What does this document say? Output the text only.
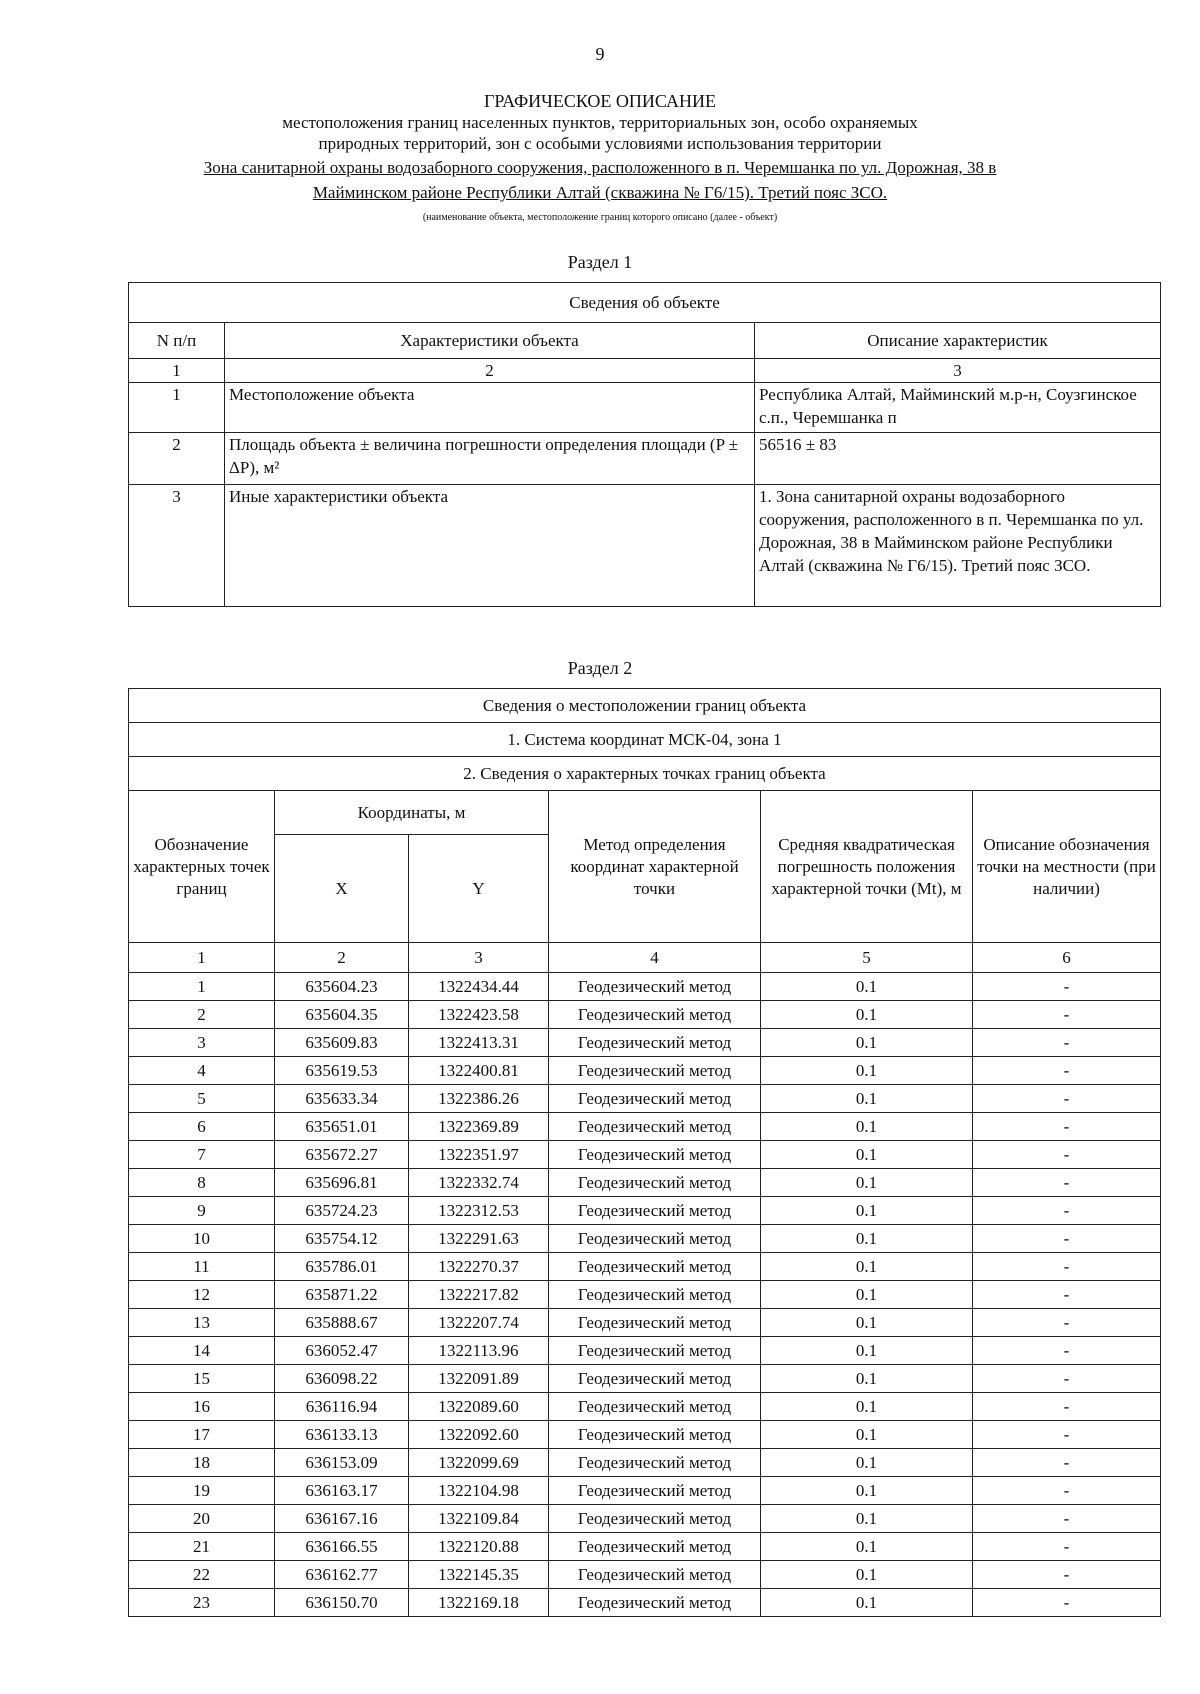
9
ГРАФИЧЕСКОЕ ОПИСАНИЕ
местоположения границ населенных пунктов, территориальных зон, особо охраняемых
природных территорий, зон с особыми условиями использования территории
Зона санитарной охраны водозаборного сооружения, расположенного в п. Черемшанка по ул. Дорожная, 38 в
Майминском районе Республики Алтай (скважина № Г6/15). Третий пояс ЗСО.
(наименование объекта, местоположение границ которого описано (далее - объект)
Раздел 1
Сведения об объекте		
N п/п	Характеристики объекта	Описание характеристик
1	2	3
1	Местоположение объекта	Республика Алтай, Майминский м.р-н, Соузгинское с.п., Черемшанка п
2	Площадь объекта ± величина погрешности определения площади (P ± ΔP), м²	56516 ± 83
3	Иные характеристики объекта	1. Зона санитарной охраны водозаборного сооружения, расположенного в п. Черемшанка по ул. Дорожная, 38 в Майминском районе Республики Алтай (скважина № Г6/15). Третий пояс ЗСО.
Раздел 2
Сведения о местоположении границ объекта					
1. Система координат МСК-04, зона 1					
2. Сведения о характерных точках границ объекта					
Обозначение характерных точек границ	Координаты, м		Метод определения координат характерной точки	Средняя квадратическая погрешность положения характерной точки (Mt), м	Описание обозначения точки на местности (при наличии)
	X	Y			
1	2	3	4	5	6
1	635604.23	1322434.44	Геодезический метод	0.1	-
2	635604.35	1322423.58	Геодезический метод	0.1	-
3	635609.83	1322413.31	Геодезический метод	0.1	-
4	635619.53	1322400.81	Геодезический метод	0.1	-
5	635633.34	1322386.26	Геодезический метод	0.1	-
6	635651.01	1322369.89	Геодезический метод	0.1	-
7	635672.27	1322351.97	Геодезический метод	0.1	-
8	635696.81	1322332.74	Геодезический метод	0.1	-
9	635724.23	1322312.53	Геодезический метод	0.1	-
10	635754.12	1322291.63	Геодезический метод	0.1	-
11	635786.01	1322270.37	Геодезический метод	0.1	-
12	635871.22	1322217.82	Геодезический метод	0.1	-
13	635888.67	1322207.74	Геодезический метод	0.1	-
14	636052.47	1322113.96	Геодезический метод	0.1	-
15	636098.22	1322091.89	Геодезический метод	0.1	-
16	636116.94	1322089.60	Геодезический метод	0.1	-
17	636133.13	1322092.60	Геодезический метод	0.1	-
18	636153.09	1322099.69	Геодезический метод	0.1	-
19	636163.17	1322104.98	Геодезический метод	0.1	-
20	636167.16	1322109.84	Геодезический метод	0.1	-
21	636166.55	1322120.88	Геодезический метод	0.1	-
22	636162.77	1322145.35	Геодезический метод	0.1	-
23	636150.70	1322169.18	Геодезический метод	0.1	-
